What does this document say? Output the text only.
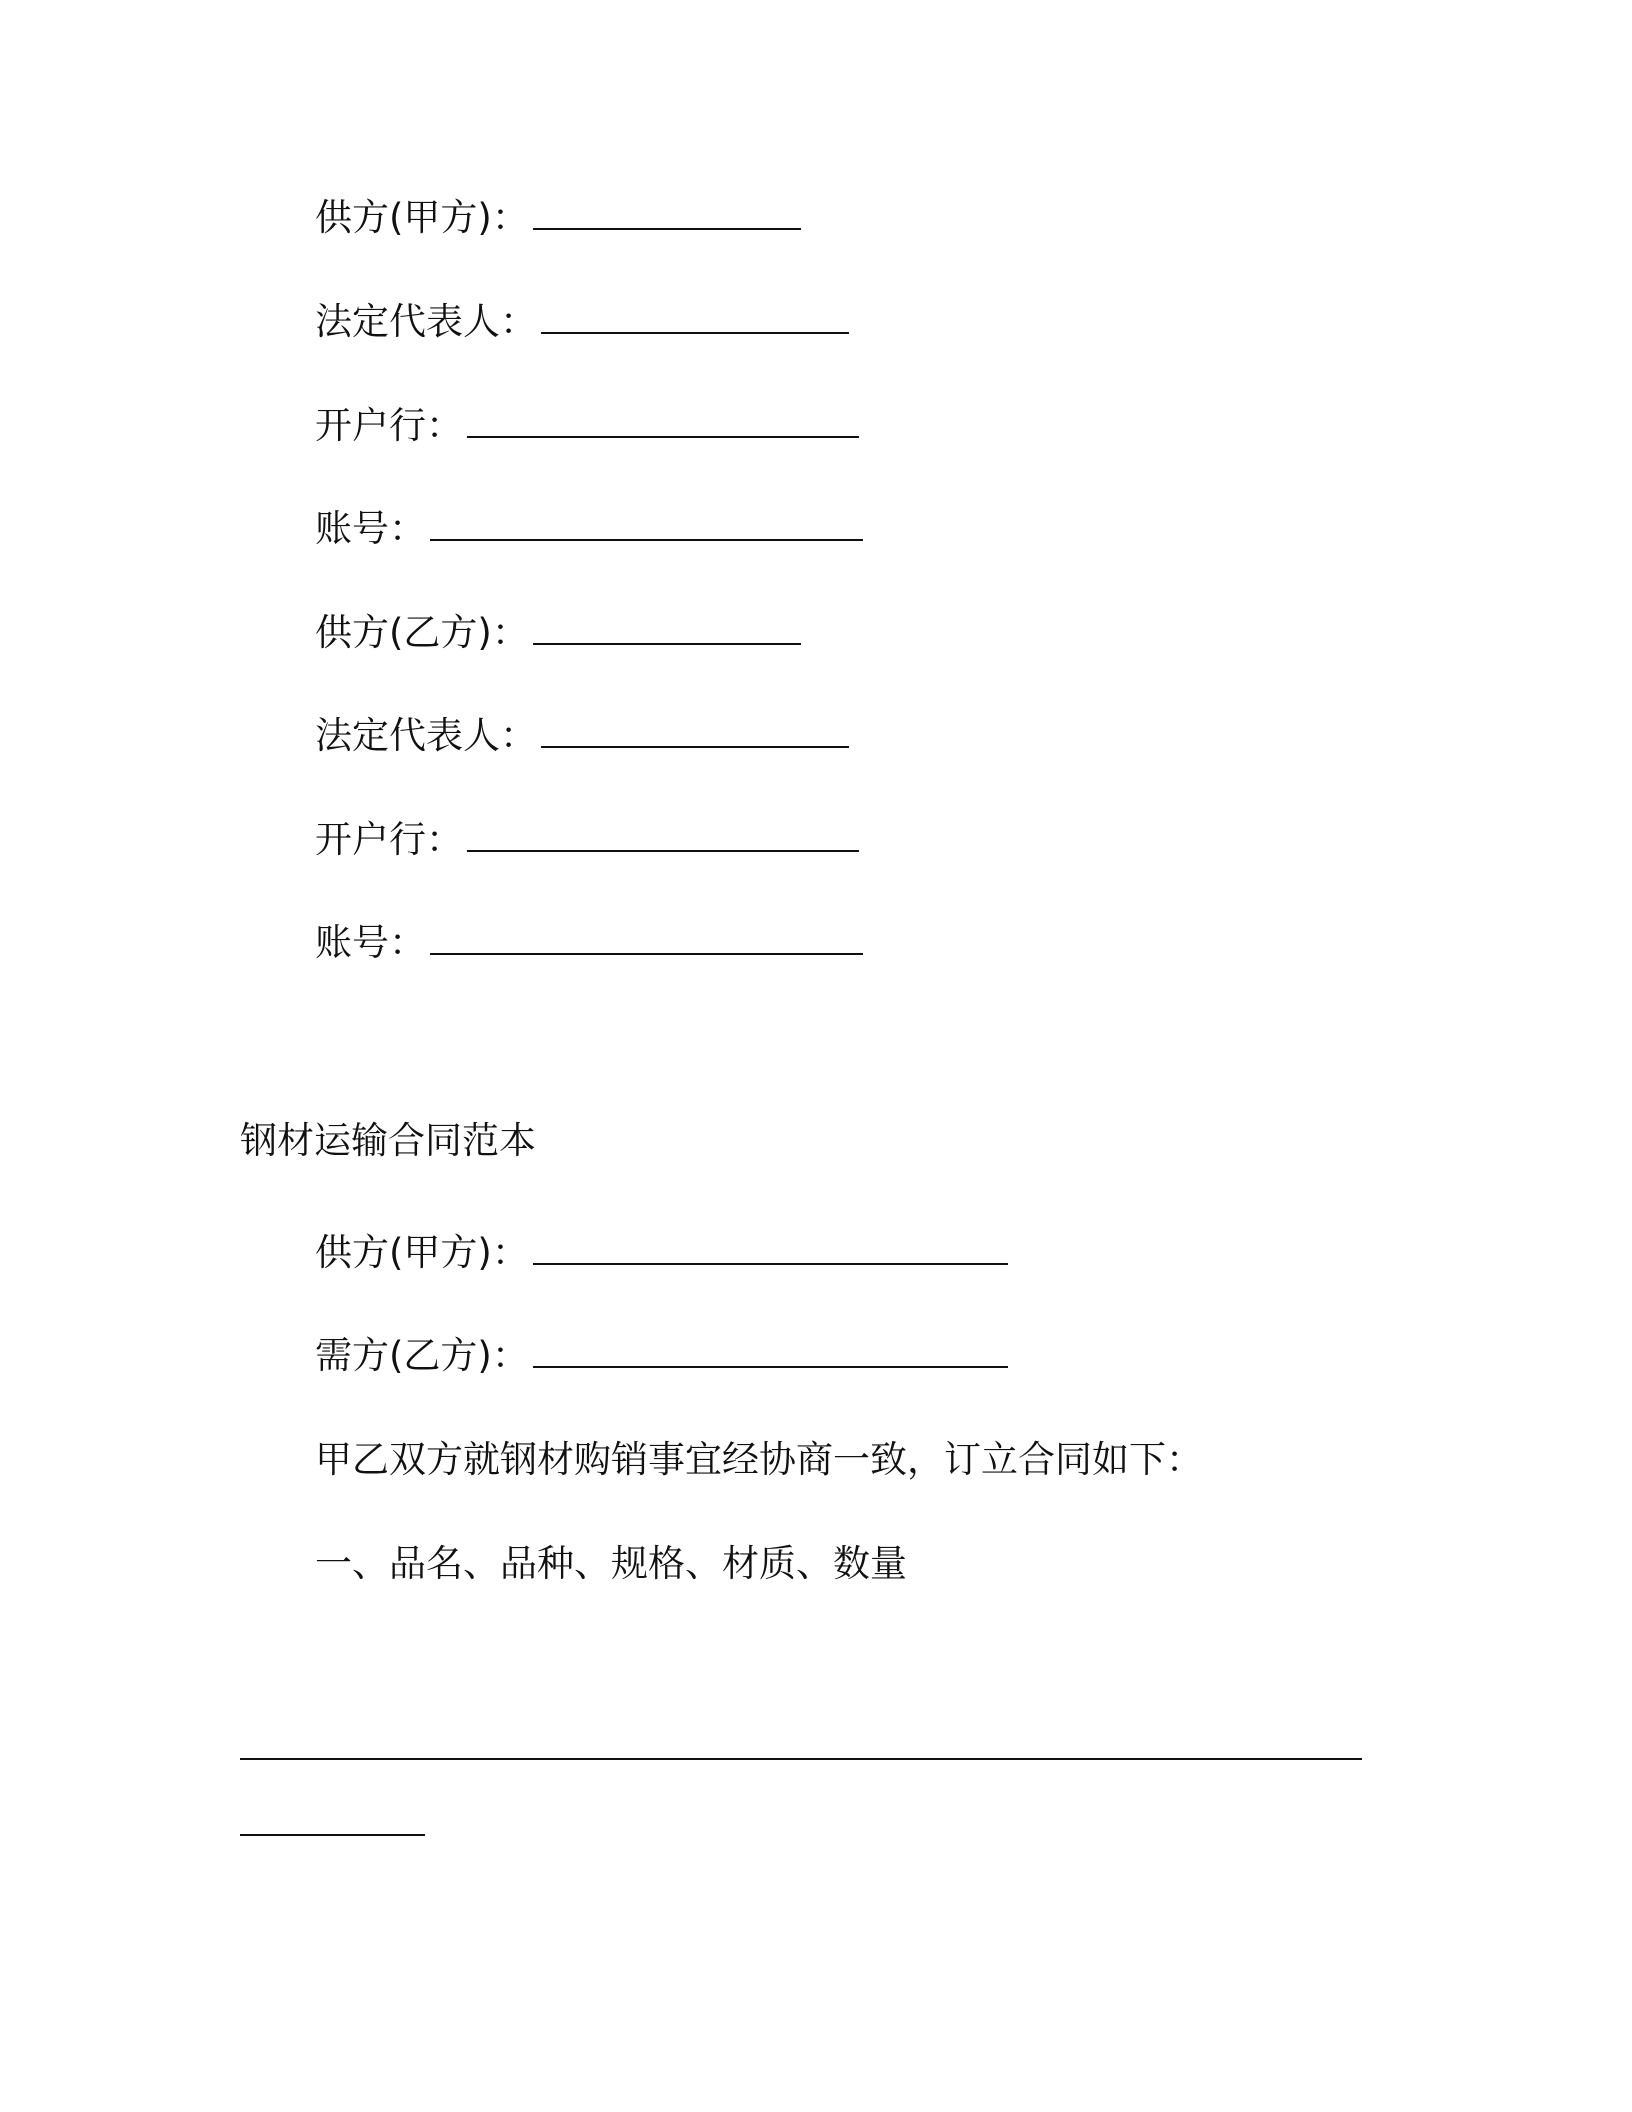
供方(甲方)：
法定代表人：
开户行：
账号：
供方(乙方)：
法定代表人：
开户行：
账号：
钢材运输合同范本
供方(甲方)：
需方(乙方)：
甲乙双方就钢材购销事宜经协商一致，订立合同如下：
一、品名、品种、规格、材质、数量
